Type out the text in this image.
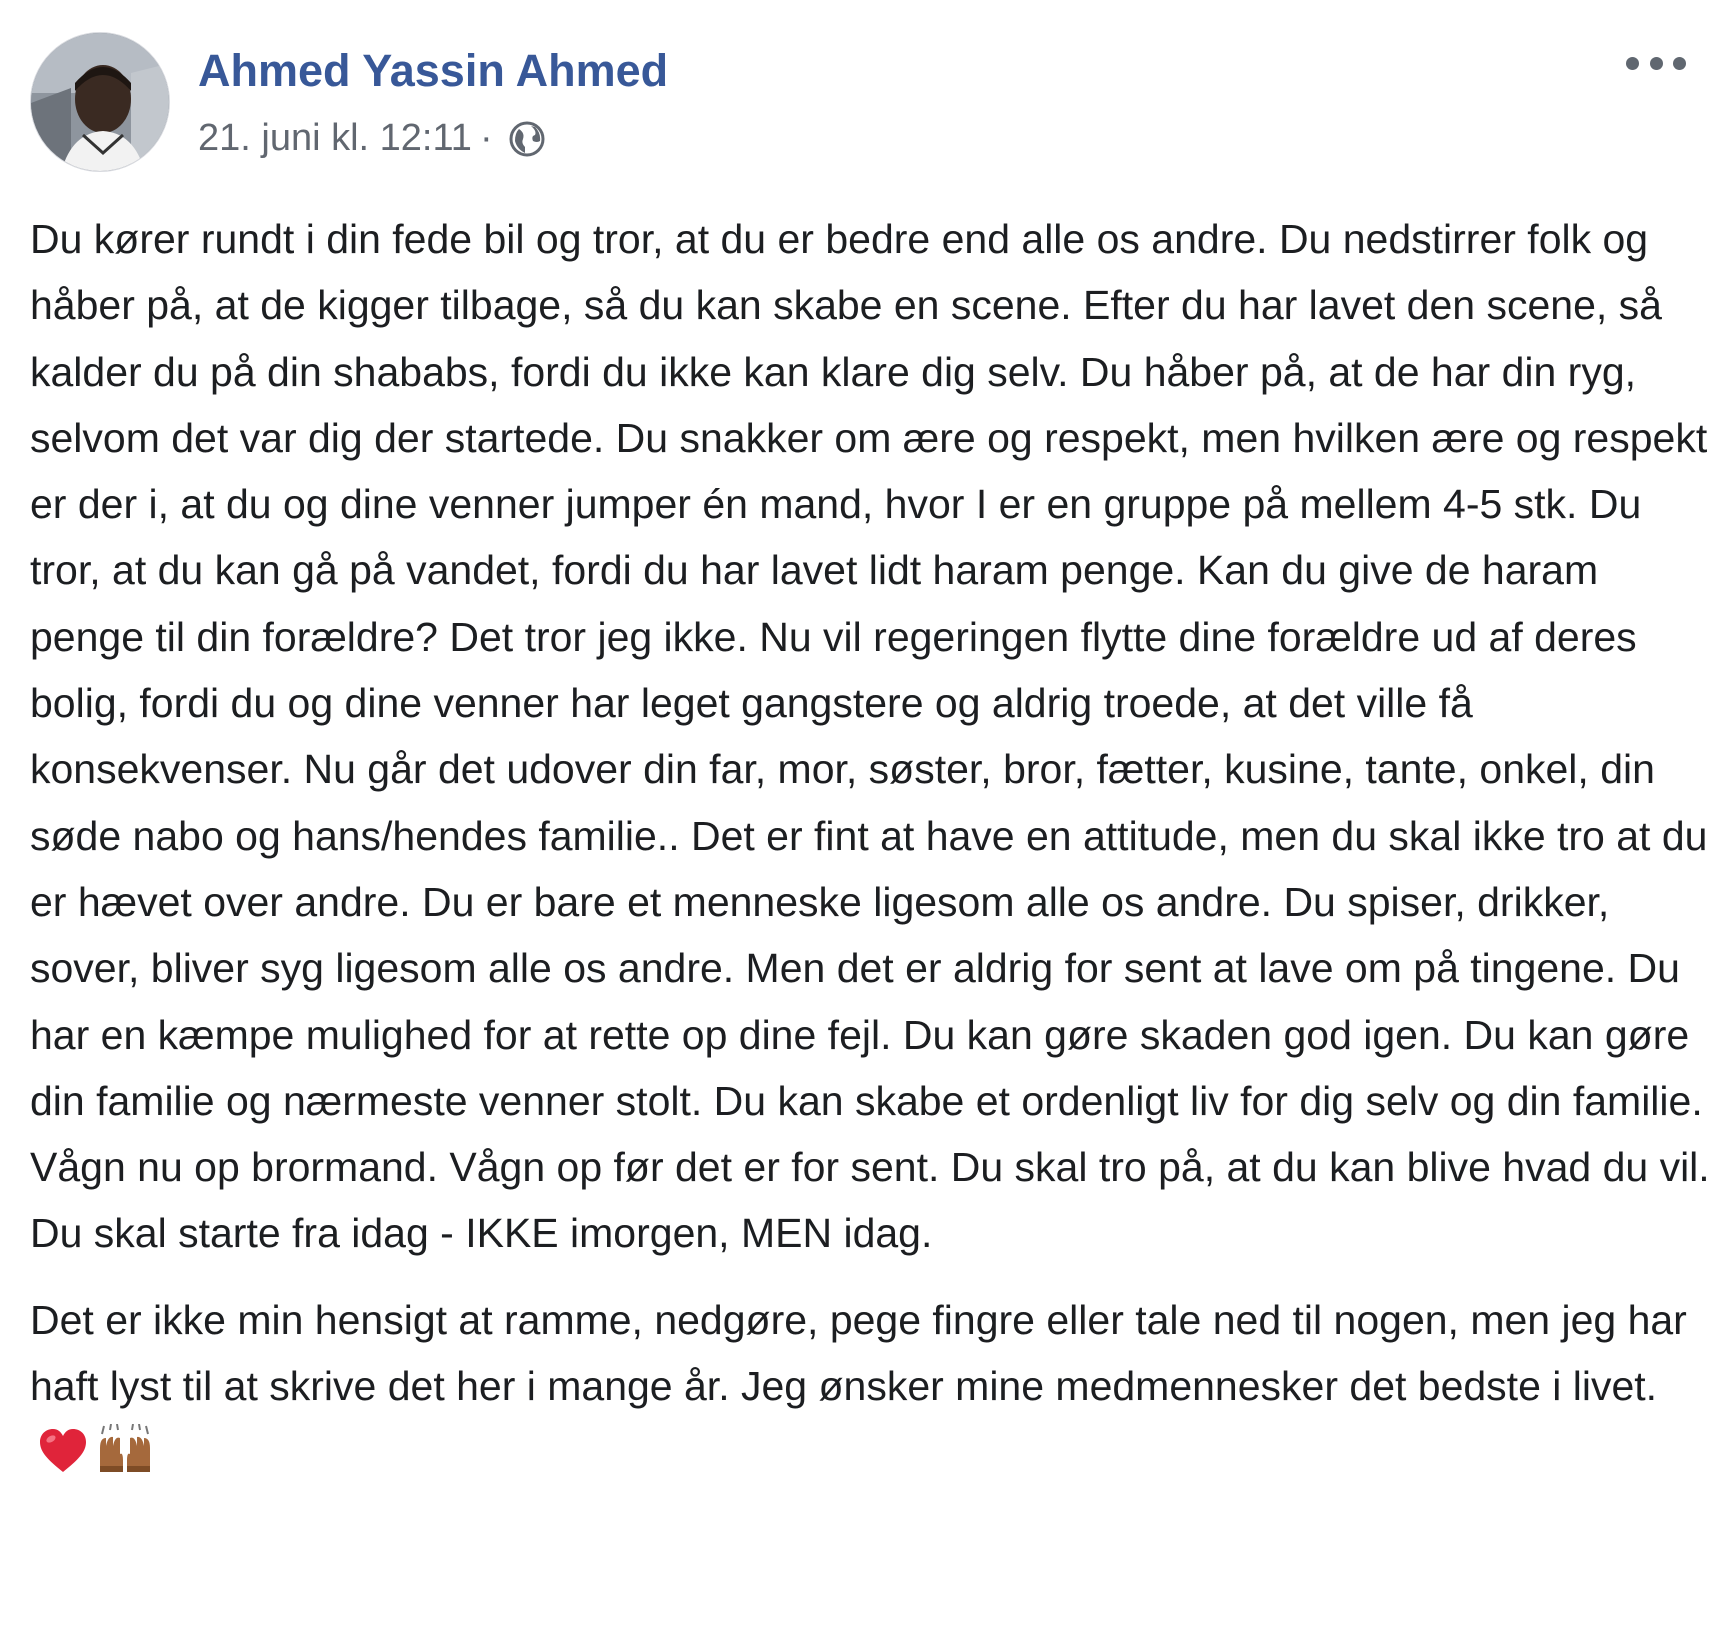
Ahmed Yassin Ahmed
21. juni kl. 12:11 ·

Du kører rundt i din fede bil og tror, at du er bedre end alle os andre. Du nedstirrer folk og håber på, at de kigger tilbage, så du kan skabe en scene. Efter du har lavet den scene, så kalder du på din shababs, fordi du ikke kan klare dig selv. Du håber på, at de har din ryg, selvom det var dig der startede. Du snakker om ære og respekt, men hvilken ære og respekt er der i, at du og dine venner jumper én mand, hvor I er en gruppe på mellem 4-5 stk. Du tror, at du kan gå på vandet, fordi du har lavet lidt haram penge. Kan du give de haram penge til din forældre? Det tror jeg ikke. Nu vil regeringen flytte dine forældre ud af deres bolig, fordi du og dine venner har leget gangstere og aldrig troede, at det ville få konsekvenser. Nu går det udover din far, mor, søster, bror, fætter, kusine, tante, onkel, din søde nabo og hans/hendes familie.. Det er fint at have en attitude, men du skal ikke tro at du er hævet over andre. Du er bare et menneske ligesom alle os andre. Du spiser, drikker, sover, bliver syg ligesom alle os andre. Men det er aldrig for sent at lave om på tingene. Du har en kæmpe mulighed for at rette op dine fejl. Du kan gøre skaden god igen. Du kan gøre din familie og nærmeste venner stolt. Du kan skabe et ordenligt liv for dig selv og din familie. Vågn nu op brormand. Vågn op før det er for sent. Du skal tro på, at du kan blive hvad du vil. Du skal starte fra idag - IKKE imorgen, MEN idag.

Det er ikke min hensigt at ramme, nedgøre, pege fingre eller tale ned til nogen, men jeg har haft lyst til at skrive det her i mange år. Jeg ønsker mine medmennesker det bedste i livet.
